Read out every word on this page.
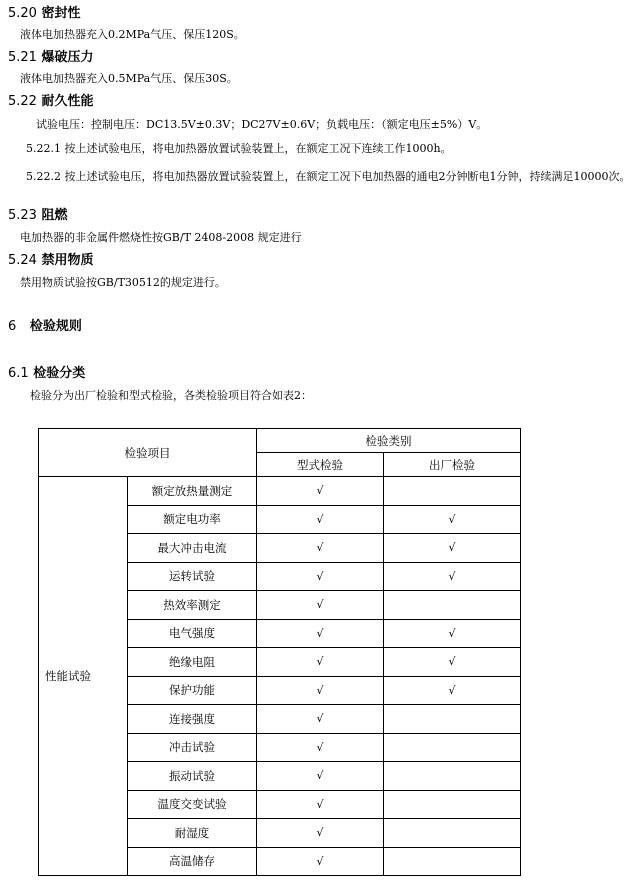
5.20 密封性
液体电加热器充入0.2MPa气压、保压120S。
5.21 爆破压力
液体电加热器充入0.5MPa气压、保压30S。
5.22 耐久性能
试验电压：控制电压：DC13.5V±0.3V；DC27V±0.6V；负载电压：（额定电压±5%）V。
5.22.1 按上述试验电压，将电加热器放置试验装置上，在额定工况下连续工作1000h。
5.22.2 按上述试验电压，将电加热器放置试验装置上，在额定工况下电加热器的通电2分钟断电1分钟，持续满足10000次。
5.23 阻燃
电加热器的非金属件燃烧性按GB/T 2408-2008 规定进行
5.24 禁用物质
禁用物质试验按GB/T30512的规定进行。
6 检验规则
6.1 检验分类
检验分为出厂检验和型式检验，各类检验项目符合如表2：
检验项目		检验类别	
		型式检验	出厂检验
性能试验	额定放热量测定	√	
	额定电功率	√	√
	最大冲击电流	√	√
	运转试验	√	√
	热效率测定	√	
	电气强度	√	√
	绝缘电阻	√	√
	保护功能	√	√
	连接强度	√	
	冲击试验	√	
	振动试验	√	
	温度交变试验	√	
	耐湿度	√	
	高温储存	√	
